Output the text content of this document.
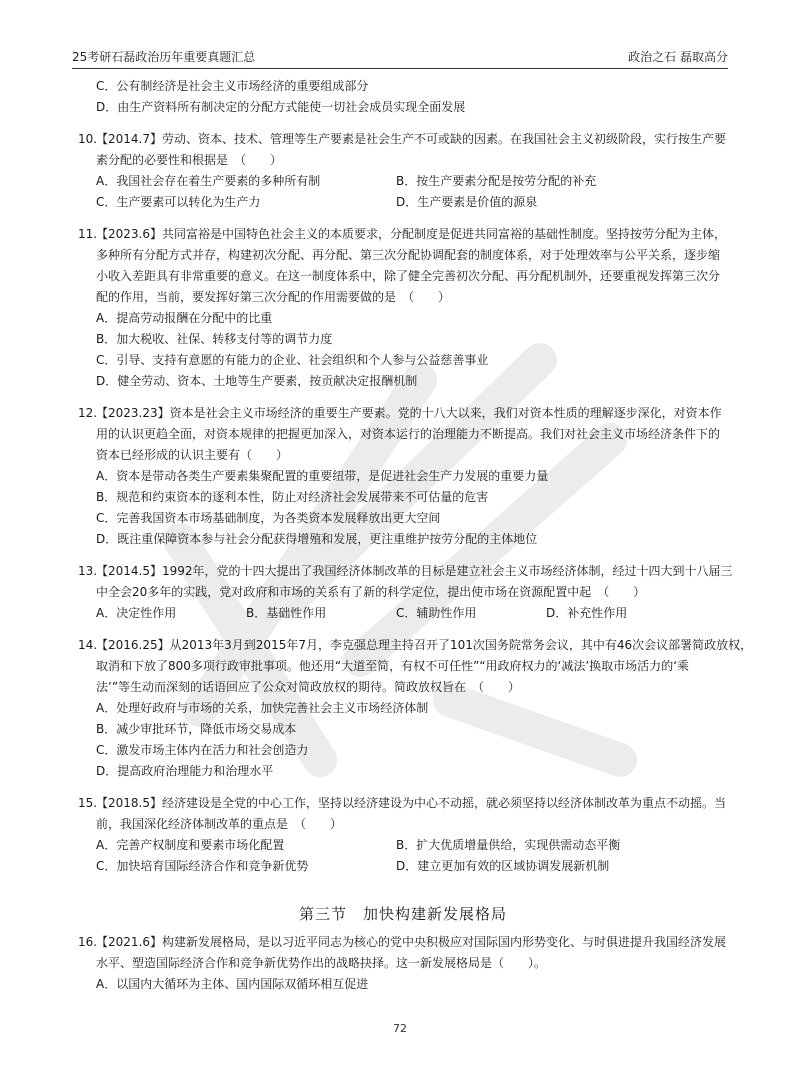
25考研石磊政治历年重要真题汇总	政治之石 磊取高分
C．公有制经济是社会主义市场经济的重要组成部分
D．由生产资料所有制决定的分配方式能使一切社会成员实现全面发展
10.【2014.7】劳动、资本、技术、管理等生产要素是社会生产不可或缺的因素。在我国社会主义初级阶段，实行按生产要
素分配的必要性和根据是　（　　）
A．我国社会存在着生产要素的多种所有制	B．按生产要素分配是按劳分配的补充
C．生产要素可以转化为生产力	D．生产要素是价值的源泉
11.【2023.6】共同富裕是中国特色社会主义的本质要求，分配制度是促进共同富裕的基础性制度。坚持按劳分配为主体，
多种所有分配方式并存，构建初次分配、再分配、第三次分配协调配套的制度体系，对于处理效率与公平关系，逐步缩
小收入差距具有非常重要的意义。在这一制度体系中，除了健全完善初次分配、再分配机制外，还要重视发挥第三次分
配的作用，当前，要发挥好第三次分配的作用需要做的是　（　　）
A．提高劳动报酬在分配中的比重
B．加大税收、社保、转移支付等的调节力度
C．引导、支持有意愿的有能力的企业、社会组织和个人参与公益慈善事业
D．健全劳动、资本、土地等生产要素，按贡献决定报酬机制
12.【2023.23】资本是社会主义市场经济的重要生产要素。党的十八大以来，我们对资本性质的理解逐步深化，对资本作
用的认识更趋全面，对资本规律的把握更加深入，对资本运行的治理能力不断提高。我们对社会主义市场经济条件下的
资本已经形成的认识主要有（　　）
A．资本是带动各类生产要素集聚配置的重要纽带，是促进社会生产力发展的重要力量
B．规范和约束资本的逐利本性，防止对经济社会发展带来不可估量的危害
C．完善我国资本市场基础制度，为各类资本发展释放出更大空间
D．既注重保障资本参与社会分配获得增殖和发展，更注重维护按劳分配的主体地位
13.【2014.5】1992年，党的十四大提出了我国经济体制改革的目标是建立社会主义市场经济体制，经过十四大到十八届三
中全会20多年的实践，党对政府和市场的关系有了新的科学定位，提出使市场在资源配置中起　（　　）
A．决定性作用	B．基础性作用	C．辅助性作用	D．补充性作用
14.【2016.25】从2013年3月到2015年7月，李克强总理主持召开了101次国务院常务会议，其中有46次会议部署简政放权，
取消和下放了800多项行政审批事项。他还用“大道至简，有权不可任性”“用政府权力的‘减法’换取市场活力的‘乘
法’”等生动而深刻的话语回应了公众对简政放权的期待。简政放权旨在　（　　）
A．处理好政府与市场的关系，加快完善社会主义市场经济体制
B．减少审批环节，降低市场交易成本
C．激发市场主体内在活力和社会创造力
D．提高政府治理能力和治理水平
15.【2018.5】经济建设是全党的中心工作，坚持以经济建设为中心不动摇，就必须坚持以经济体制改革为重点不动摇。当
前，我国深化经济体制改革的重点是　（　　）
A．完善产权制度和要素市场化配置	B．扩大优质增量供给，实现供需动态平衡
C．加快培育国际经济合作和竞争新优势	D．建立更加有效的区域协调发展新机制
第三节　加快构建新发展格局
16.【2021.6】构建新发展格局，是以习近平同志为核心的党中央积极应对国际国内形势变化、与时俱进提升我国经济发展
水平、塑造国际经济合作和竞争新优势作出的战略抉择。这一新发展格局是（　　）。
A．以国内大循环为主体、国内国际双循环相互促进
72
